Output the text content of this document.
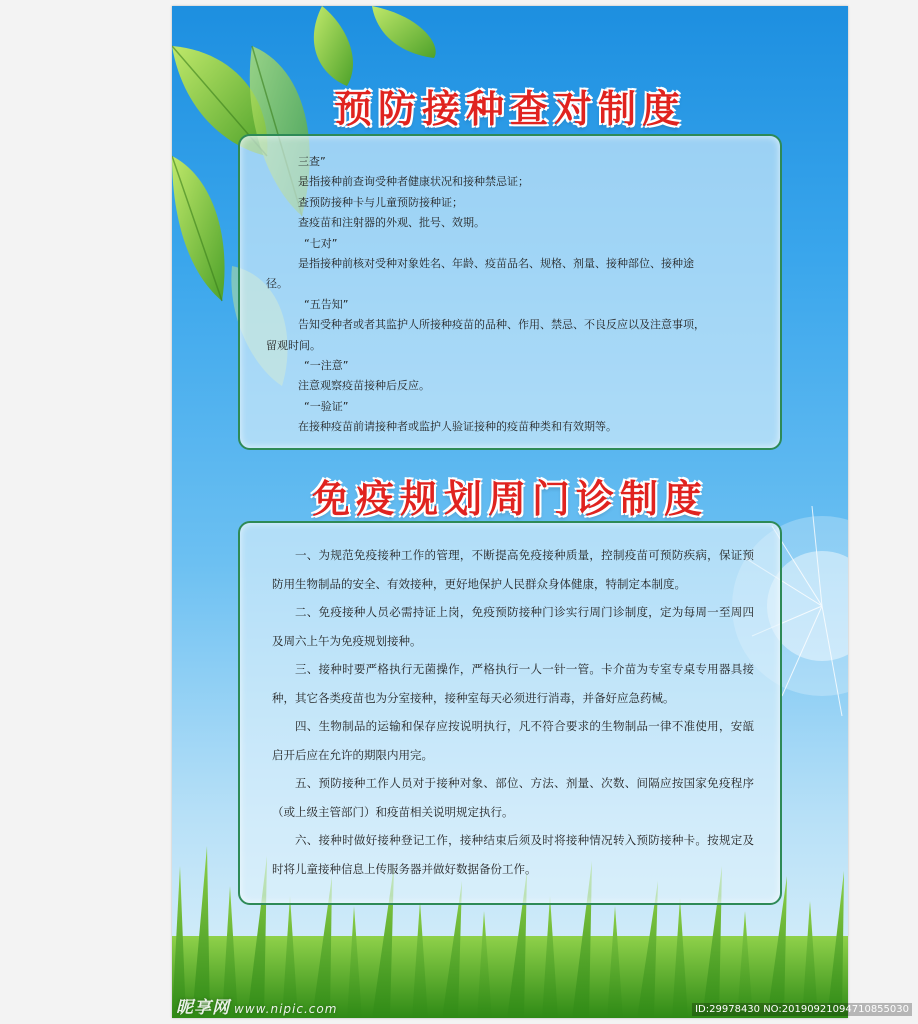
预防接种查对制度
三查”
是指接种前查询受种者健康状况和接种禁忌证；
查预防接种卡与儿童预防接种证；
查疫苗和注射器的外观、批号、效期。
“七对”
是指接种前核对受种对象姓名、年龄、疫苗品名、规格、剂量、接种部位、接种途
径。
“五告知”
告知受种者或者其监护人所接种疫苗的品种、作用、禁忌、不良反应以及注意事项，
留观时间。
“一注意”
注意观察疫苗接种后反应。
“一验证”
在接种疫苗前请接种者或监护人验证接种的疫苗种类和有效期等。
免疫规划周门诊制度

一、为规范免疫接种工作的管理，不断提高免疫接种质量，控制疫苗可预防疾病，保证预防用生物制品的安全、有效接种，更好地保护人民群众身体健康，特制定本制度。

二、免疫接种人员必需持证上岗，免疫预防接种门诊实行周门诊制度，定为每周一至周四及周六上午为免疫规划接种。

三、接种时要严格执行无菌操作，严格执行一人一针一管。卡介苗为专室专桌专用器具接种，其它各类疫苗也为分室接种，接种室每天必须进行消毒，并备好应急药械。

四、生物制品的运输和保存应按说明执行，凡不符合要求的生物制品一律不准使用，安瓿启开后应在允许的期限内用完。

五、预防接种工作人员对于接种对象、部位、方法、剂量、次数、间隔应按国家免疫程序（或上级主管部门）和疫苗相关说明规定执行。

六、接种时做好接种登记工作，接种结束后须及时将接种情况转入预防接种卡。按规定及时将儿童接种信息上传服务器并做好数据备份工作。

昵享网 www.nipic.com	ID:29978430 NO:20190921094710855030
